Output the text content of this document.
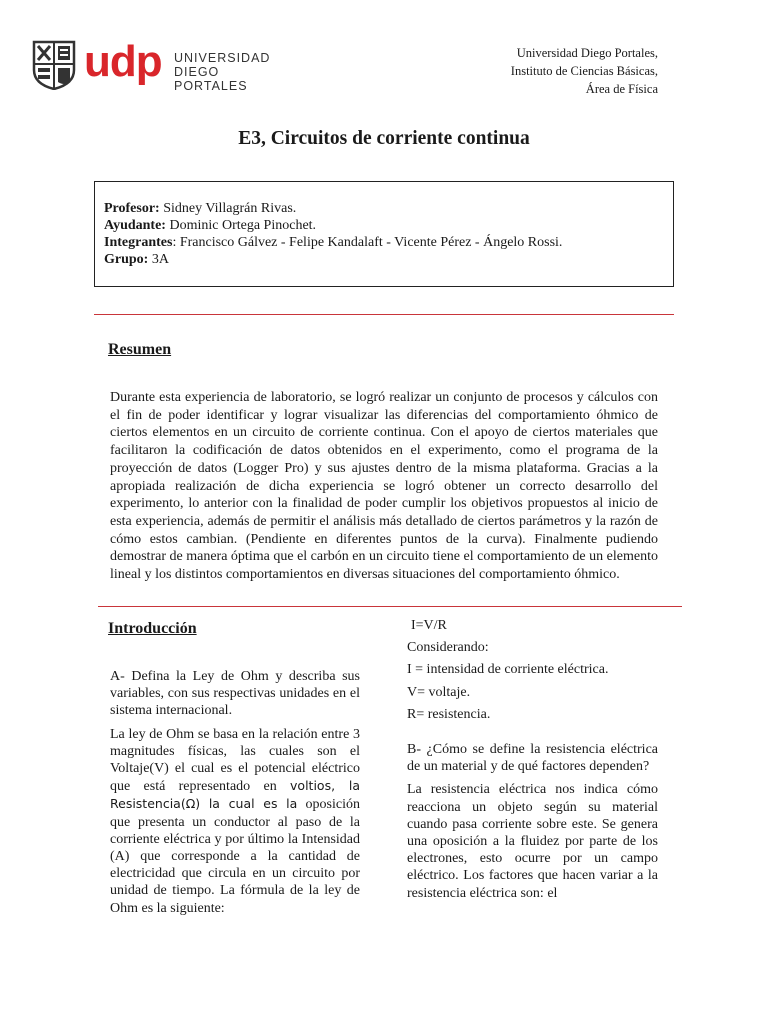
udp UNIVERSIDAD
DIEGO PORTALES
Universidad Diego Portales,
Instituto de Ciencias Básicas,
Área de Física
E3, Circuitos de corriente continua
Profesor: Sidney Villagrán Rivas.
Ayudante: Dominic Ortega Pinochet.
Integrantes: Francisco Gálvez - Felipe Kandalaft - Vicente Pérez - Ángelo Rossi.
Grupo: 3A
Resumen
Durante esta experiencia de laboratorio, se logró realizar un conjunto de procesos y cálculos con el fin de poder identificar y lograr visualizar las diferencias del comportamiento óhmico de ciertos elementos en un circuito de corriente continua. Con el apoyo de ciertos materiales que facilitaron la codificación de datos obtenidos en el experimento, como el programa de la proyección de datos (Logger Pro) y sus ajustes dentro de la misma plataforma. Gracias a la apropiada realización de dicha experiencia se logró obtener un correcto desarrollo del experimento, lo anterior con la finalidad de poder cumplir los objetivos propuestos al inicio de esta experiencia, además de permitir el análisis más detallado de ciertos parámetros y la razón de cómo estos cambian. (Pendiente en diferentes puntos de la curva). Finalmente pudiendo demostrar de manera óptima que el carbón en un circuito tiene el comportamiento de un elemento lineal y los distintos comportamientos en diversas situaciones del comportamiento óhmico.
Introducción

A- Defina la Ley de Ohm y describa sus variables, con sus respectivas unidades en el sistema internacional.

La ley de Ohm se basa en la relación entre 3 magnitudes físicas, las cuales son el Voltaje(V) el cual es el potencial eléctrico que está representado en voltios, la Resistencia(Ω) la cual es la oposición que presenta un conductor al paso de la corriente eléctrica y por último la Intensidad (A) que corresponde a la cantidad de electricidad que circula en un circuito por unidad de tiempo. La fórmula de la ley de Ohm es la siguiente:

I=V/R

Considerando:

I = intensidad de corriente eléctrica.

V= voltaje.

R= resistencia.

B- ¿Cómo se define la resistencia eléctrica de un material y de qué factores dependen?

La resistencia eléctrica nos indica cómo reacciona un objeto según su material cuando pasa corriente sobre este. Se genera una oposición a la fluidez por parte de los electrones, esto ocurre por un campo eléctrico. Los factores que hacen variar a la resistencia eléctrica son: el
